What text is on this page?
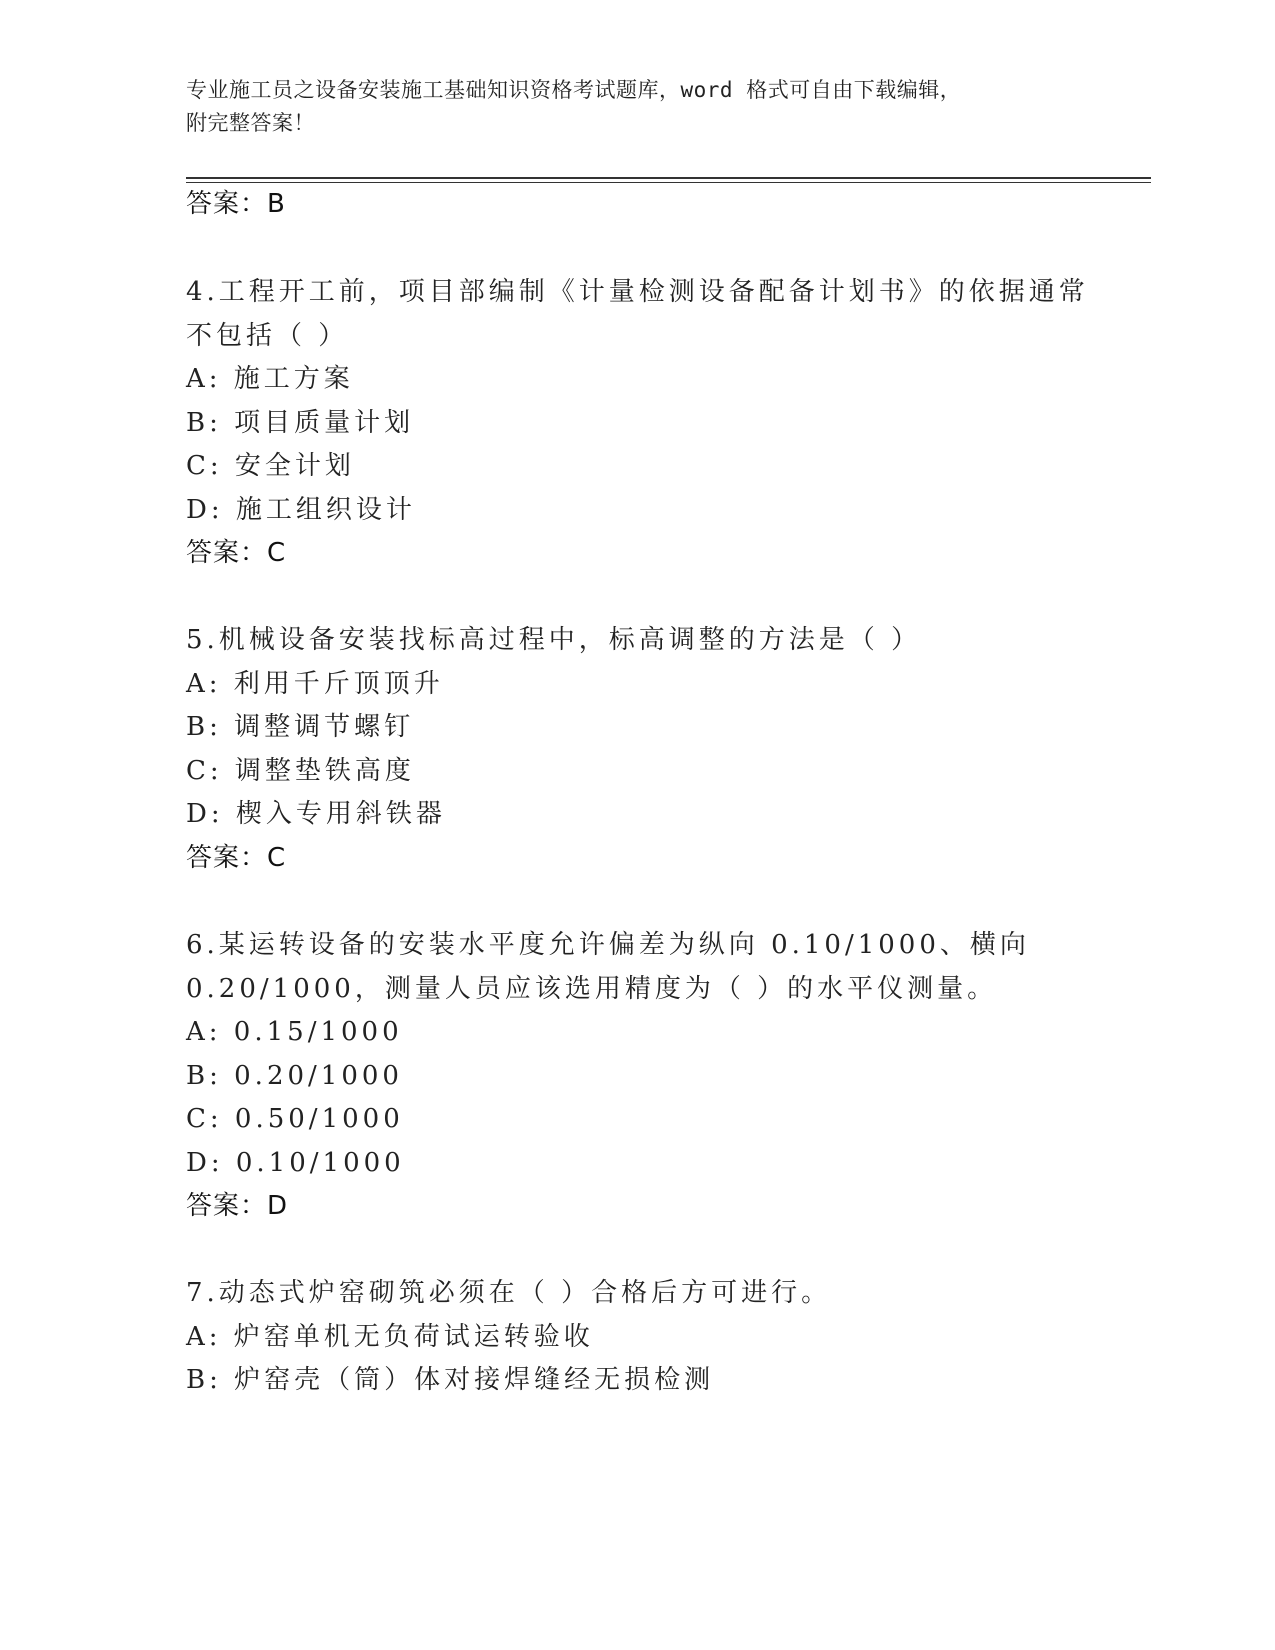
专业施工员之设备安装施工基础知识资格考试题库，word 格式可自由下载编辑，
附完整答案！
答案：B
4.工程开工前，项目部编制《计量检测设备配备计划书》的依据通常
不包括（ ）
A: 施工方案
B: 项目质量计划
C: 安全计划
D: 施工组织设计
答案：C
5.机械设备安装找标高过程中，标高调整的方法是（ ）
A: 利用千斤顶顶升
B: 调整调节螺钉
C: 调整垫铁高度
D: 楔入专用斜铁器
答案：C
6.某运转设备的安装水平度允许偏差为纵向 0.10/1000、横向
0.20/1000，测量人员应该选用精度为（ ）的水平仪测量。
A: 0.15/1000
B: 0.20/1000
C: 0.50/1000
D: 0.10/1000
答案：D
7.动态式炉窑砌筑必须在（ ）合格后方可进行。
A: 炉窑单机无负荷试运转验收
B: 炉窑壳（筒）体对接焊缝经无损检测
